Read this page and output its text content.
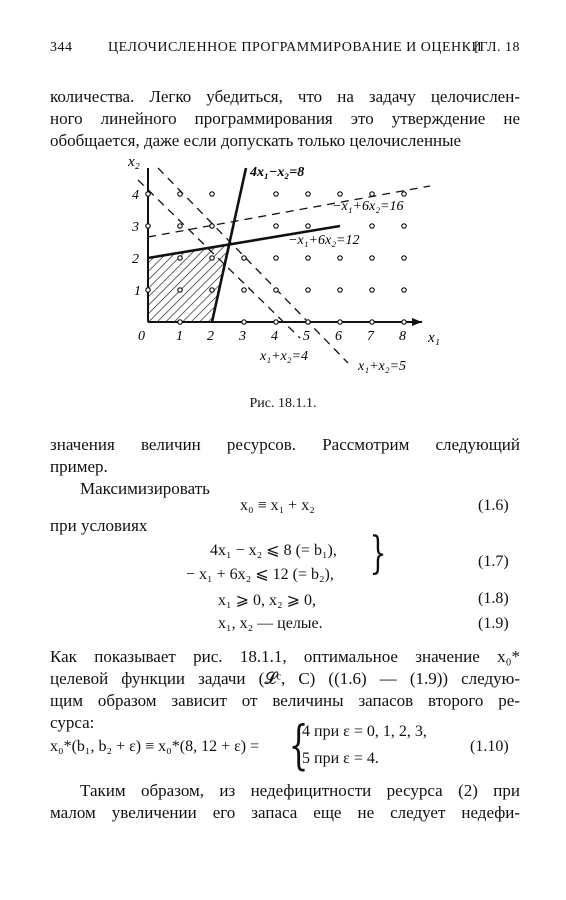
344	ЦЕЛОЧИСЛЕННОЕ ПРОГРАММИРОВАНИЕ И ОЦЕНКИ
[ГЛ. 18
количества. Легко убедиться, что на задачу целочислен-
ного линейного программирования это утверждение не
обобщается, даже если допускать только целочисленные
x₂
x₁
0 1 2 3 4 5 6 7 8
1
2
3
4
4x₁−x₂=8
−x₁+6x₂=16
−x₁+6x₂=12
x₁+x₂=4
x₁+x₂=5
Рис. 18.1.1.
значения величин ресурсов. Рассмотрим следующий
пример.
Максимизировать
x₀ ≡ x₁ + x₂	(1.6)
при условиях
4x₁ − x₂ ⩽ 8 (= b₁),
− x₁ + 6x₂ ⩽ 12 (= b₂), }	(1.7)
x₁ ⩾ 0, x₂ ⩾ 0,	(1.8)
x₁, x₂ — целые.	(1.9)
Как показывает рис. 18.1.1, оптимальное значение x₀*
целевой функции задачи (𝓛ᶜ, C) ((1.6) — (1.9)) следую-
щим образом зависит от величины запасов второго ре-
сурса:
x₀*(b₁, b₂ + ε) ≡ x₀*(8, 12 + ε) = {
4 при ε = 0, 1, 2, 3,
5 при ε = 4.
(1.10)
Таким образом, из недефицитности ресурса (2) при
малом увеличении его запаса еще не следует недефи-
